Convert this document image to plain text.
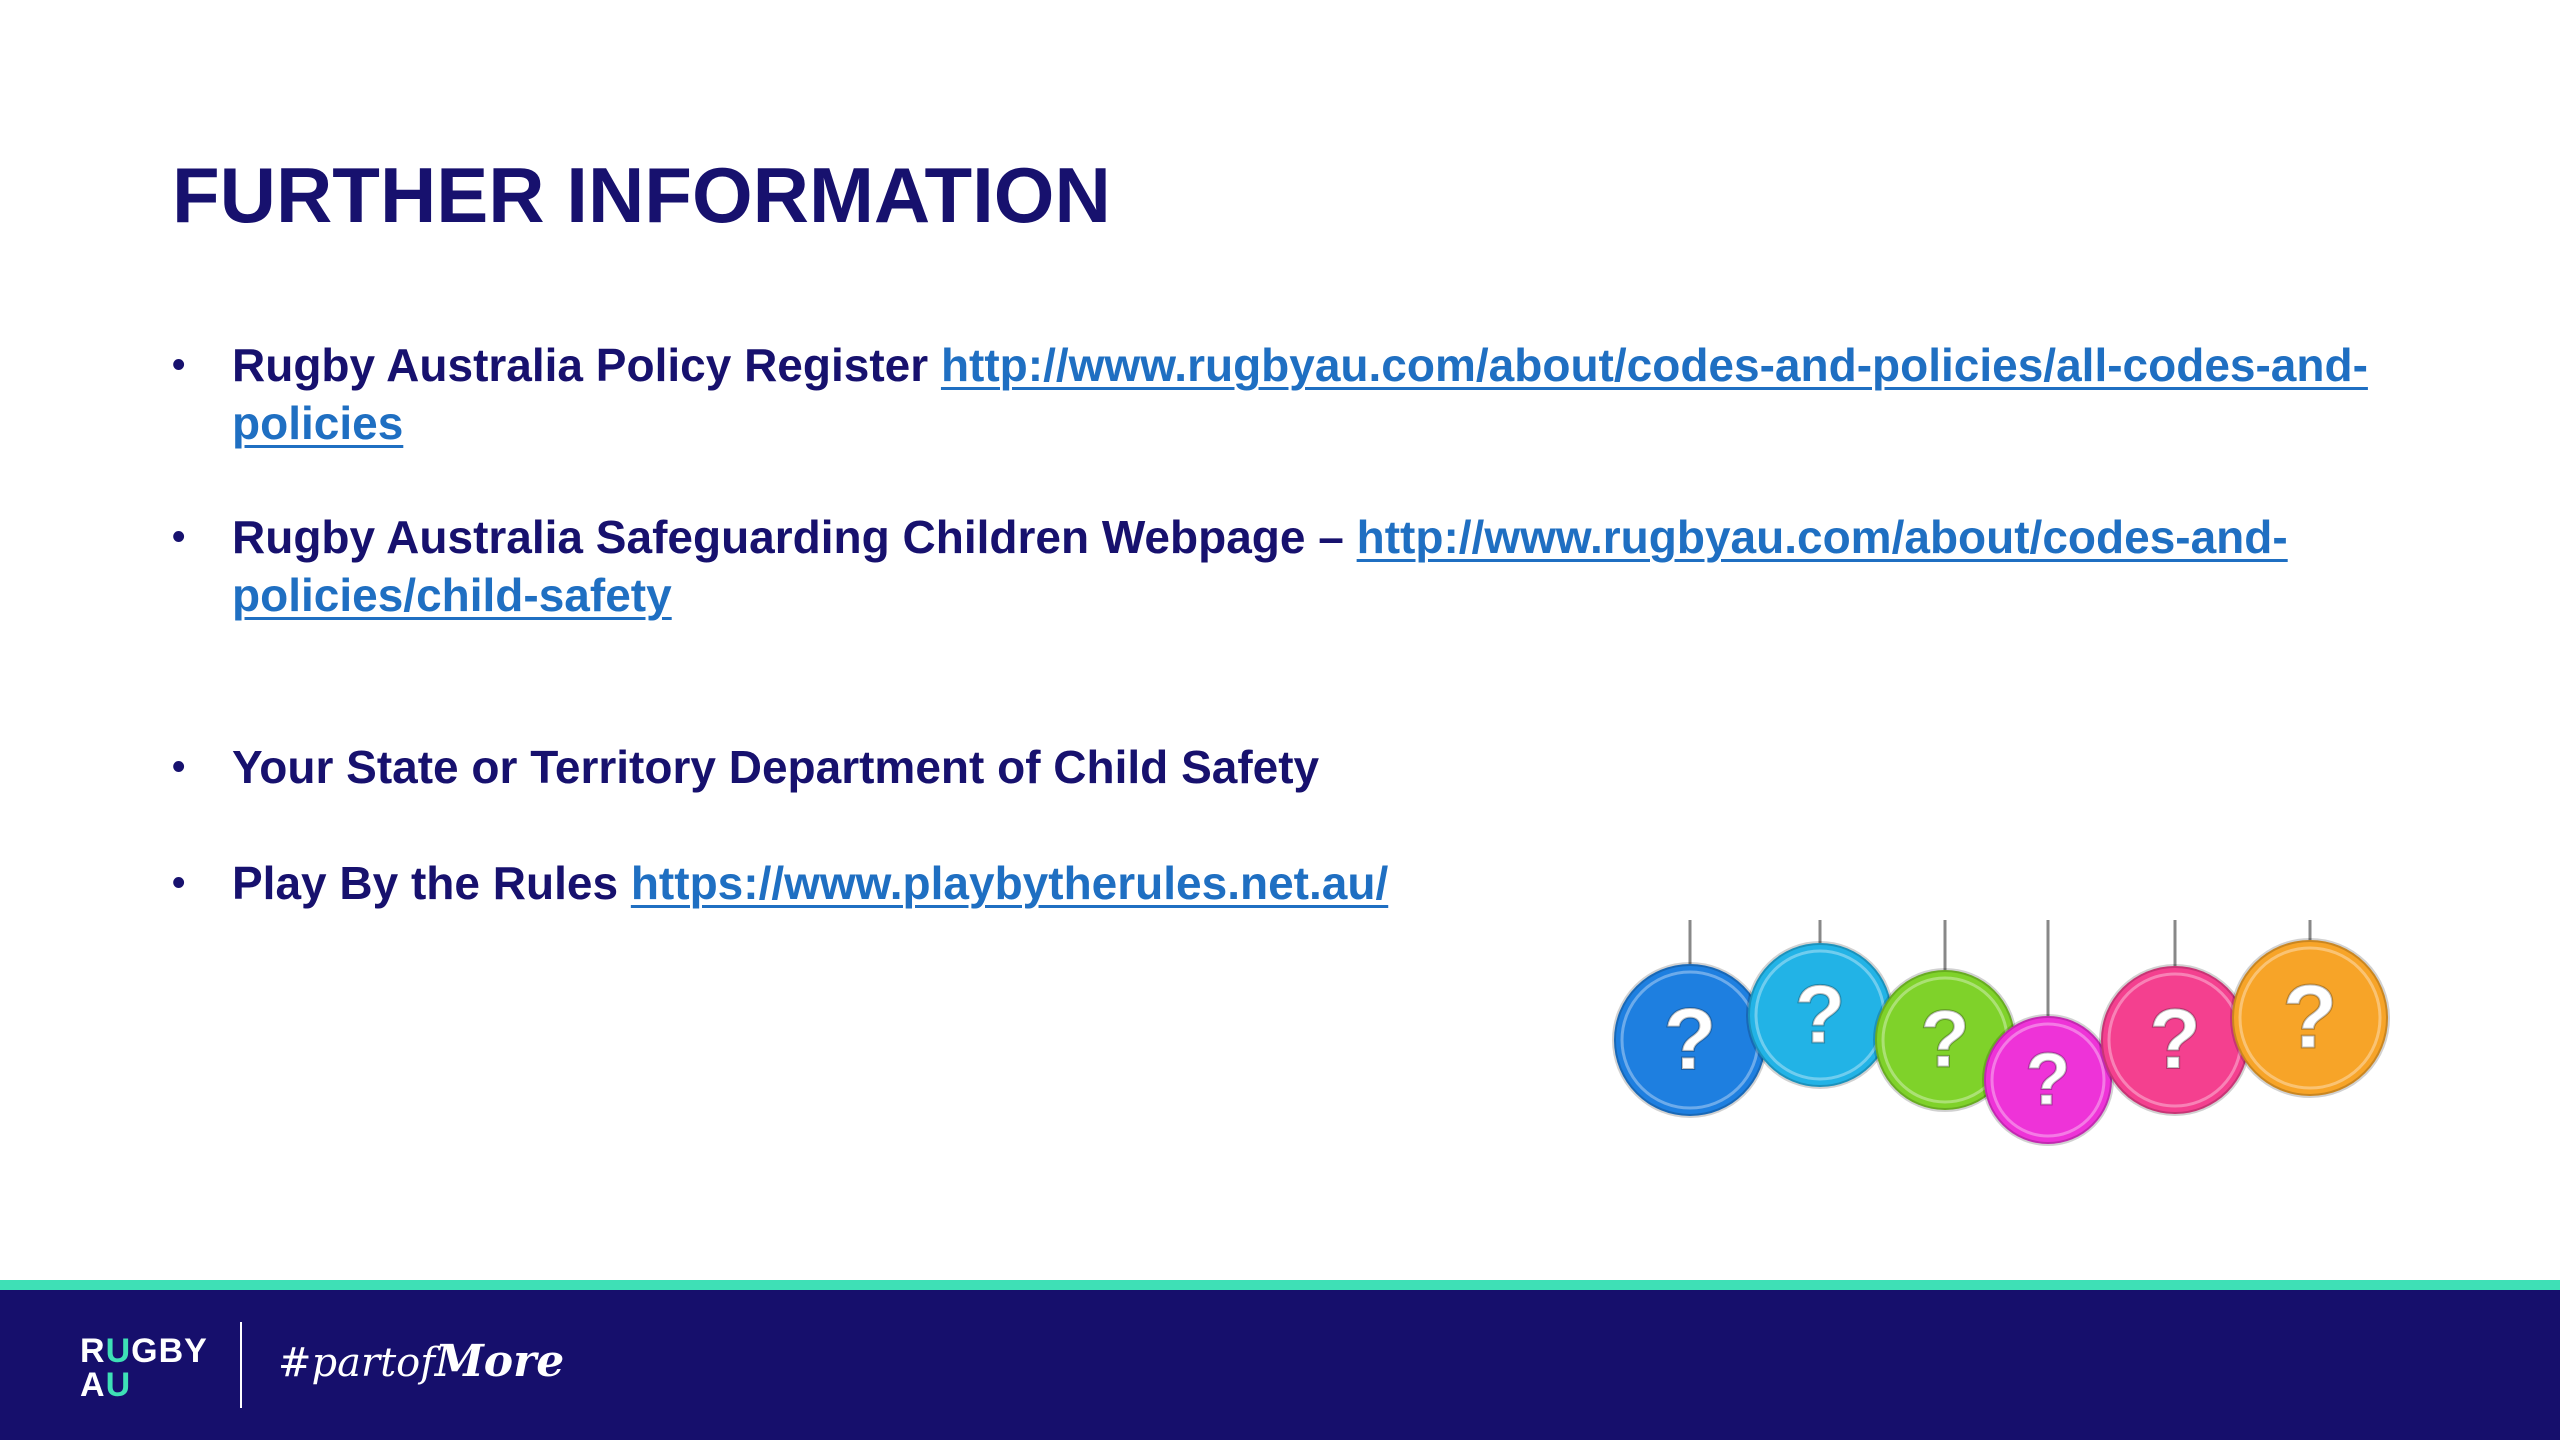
FURTHER INFORMATION
• Rugby Australia Policy Register http://www.rugbyau.com/about/codes-and-policies/all-codes-and-policies
• Rugby Australia Safeguarding Children Webpage – http://www.rugbyau.com/about/codes-and-policies/child-safety
• Your State or Territory Department of Child Safety
• Play By the Rules https://www.playbytherules.net.au/
? ? ? ? ? ?
RUGBY
AU	#partofMore
